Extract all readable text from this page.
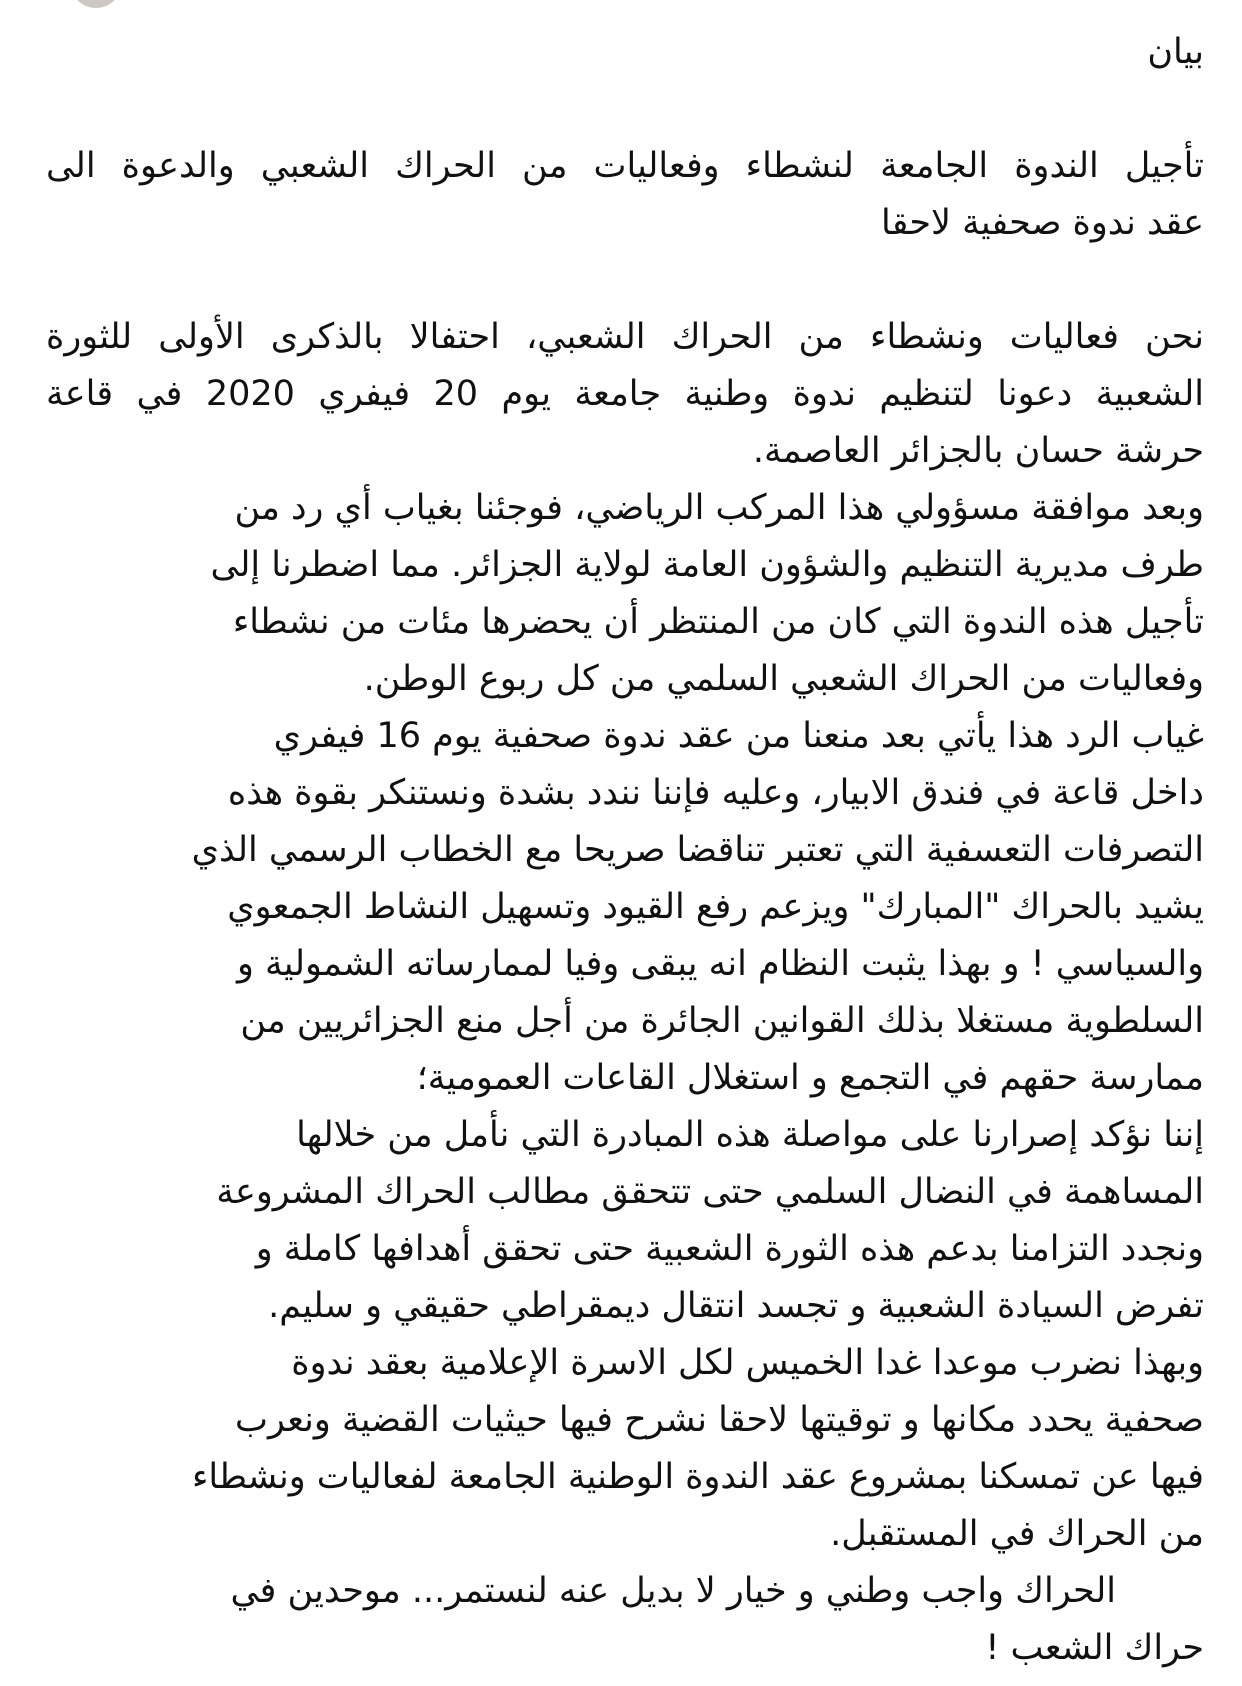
بيان
تأجيل الندوة الجامعة لنشطاء وفعاليات من الحراك الشعبي والدعوة الى
عقد ندوة صحفية لاحقا
نحن فعاليات ونشطاء من الحراك الشعبي، احتفالا بالذكرى الأولى للثورة
الشعبية دعونا لتنظيم ندوة وطنية جامعة يوم 20 فيفري 2020 في قاعة
حرشة حسان بالجزائر العاصمة.
وبعد موافقة مسؤولي هذا المركب الرياضي، فوجئنا بغياب أي رد من
طرف مديرية التنظيم والشؤون العامة لولاية الجزائر. مما اضطرنا إلى
تأجيل هذه الندوة التي كان من المنتظر أن يحضرها مئات من نشطاء
وفعاليات من الحراك الشعبي السلمي من كل ربوع الوطن.
غياب الرد هذا يأتي بعد منعنا من عقد ندوة صحفية يوم 16 فيفري
داخل قاعة في فندق الابيار، وعليه فإننا نندد بشدة ونستنكر بقوة هذه
التصرفات التعسفية التي تعتبر تناقضا صريحا مع الخطاب الرسمي الذي
يشيد بالحراك "المبارك" ويزعم رفع القيود وتسهيل النشاط الجمعوي
والسياسي ! و بهذا يثبت النظام انه يبقى وفيا لممارساته الشمولية و
السلطوية مستغلا بذلك القوانين الجائرة من أجل منع الجزائريين من
ممارسة حقهم في التجمع و استغلال القاعات العمومية؛
إننا نؤكد إصرارنا على مواصلة هذه المبادرة التي نأمل من خلالها
المساهمة في النضال السلمي حتى تتحقق مطالب الحراك المشروعة
ونجدد التزامنا بدعم هذه الثورة الشعبية حتى تحقق أهدافها كاملة و
تفرض السيادة الشعبية و تجسد انتقال ديمقراطي حقيقي و سليم.
وبهذا نضرب موعدا غدا الخميس لكل الاسرة الإعلامية بعقد ندوة
صحفية يحدد مكانها و توقيتها لاحقا نشرح فيها حيثيات القضية ونعرب
فيها عن تمسكنا بمشروع عقد الندوة الوطنية الجامعة لفعاليات ونشطاء
من الحراك في المستقبل.
الحراك واجب وطني و خيار لا بديل عنه لنستمر... موحدين في
حراك الشعب !
